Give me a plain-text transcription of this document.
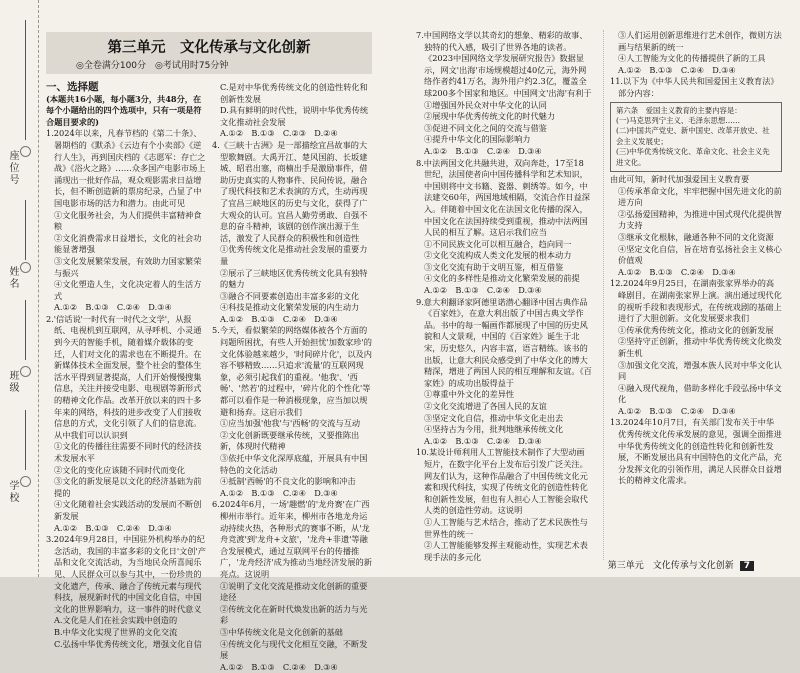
座位号
姓名
班级
学校
第三单元　文化传承与文化创新
◎全卷满分100分　◎考试用时75分钟

一、选择题

(本题共16小题，每小题3分，共48分，在每个小题给出的四个选项中，只有一项是符合题目要求的)

1.2024年以来，凡春节档的《第二十条》、暑期档的《默杀》《云边有个小卖部》《逆行人生》，再到国庆档的《志愿军：存亡之战》《浴火之路》……众多国产电影市场上涌现出一批好作品，观众观影需求日益增长，但不断创造新的票房纪录，凸显了中国电影市场的活力和潜力。由此可见

①文化服务社会，为人们提供丰富精神食粮

②文化消费需求日益增长，文化的社会功能显著增强

③文化发展繁荣发展，有效助力国家繁荣与振兴

④文化塑造人生，文化决定着人的生活方式

A.①②　B.①③　C.②④　D.③④

2.'信话说'一时代有一时代之文学'，从报纸、电视机到互联网，从寻呼机、小灵通到今天的智能手机，随着媒介载体的变迁，人们对文化的需求也在不断提升。在新媒体技术全面发展，整个社会的整体生活水平得到显著提高，人们开始慢慢搜集信息，关注并接受电影、电视剧等新形式的精神文化作品。改革开放以来的四十多年来的网络，科技的进步改变了人们接收信息的方式，文化引领了人们的信息流。从中我们可以认识到

①文化的传播往往需要不同时代的经济技术发展水平

②文化的变化应该随不同时代而变化

③文化的新发展是以文化的经济基础为前提的

④文化随着社会实践活动的发展而不断创新发展

A.①②　B.①③　C.②④　D.③④

3.2024年9月28日，中国驻外机构举办的纪念活动，我国的丰富多彩的文化日'文创'产品和文化交流活动，为当地民众所喜闻乐见、人民群众可以参与其中，一份珍贵的文化遗产，传承、融合了传统元素与现代科技，展现新时代的中国文化自信，中国文化的世界影响力，这一事件的时代意义

A.文化是人们在社会实践中创造的

B.中华文化实现了世界的文化交流

C.弘扬中华优秀传统文化，增强文化自信

C.是对中华优秀传统文化的创造性转化和创新性发展

D.具有鲜明的时代性，说明中华优秀传统文化推动社会发展

A.①②　B.①③　C.②③　D.②④

4.《三峡十古洲》是一部描绘宜昌故事的大型歌舞剧。大禹开江、楚风国韵、长坂建城、昭君出塞，商楠出手是激励事件，借助历史真实的人物事件、民间传说，融合了现代科技和艺术表演的方式，生动再现了宜昌三峡地区的历史与文化，获得了广大观众的认可。宜昌人勤劳勇敢、自强不息的奋斗精神，该剧的创作演出源于生活，激发了人民群众的积极性和创造性

①优秀传统文化是推动社会发展的重要力量

②展示了三峡地区优秀传统文化具有独特的魅力

③融合不同要素创造出丰富多彩的文化

④科技是推动文化繁荣发展的内生动力

A.①②　B.①③　C.②④　D.③④

5.今天，看似繁荣的网络媒体被各个方面的问题所困扰，有些人开始担忧'加数家珍'的文化体验越来越少，'时间碎片化'，以及内容不够精致……只追求'流量'的互联网现象，必须引起我们的重视。'他我'、'西畅'、'然若'的过程中，'碎片化的个性化'等都可以看作是一种消极现象，应当加以规避和扬弃。这启示我们

①应当加强'他我'与'西畅'的交流与互动

②文化创新既要继承传统，又要推陈出新，体现时代精神

③依托中华文化深厚底蕴，开展具有中国特色的文化活动

④抵制'西畅'的不良文化的影响和冲击

A.①②　B.①③　C.②④　D.③④

6.2024年6月，一场'趣燃'的'龙舟赛'在广西柳州市举行。近年来，柳州市各地龙舟运动持续火热，各种形式的赛事不断，从'龙舟竞渡'到'龙舟+文旅'，'龙舟+非遗'等融合发展模式，通过互联网平台的传播推广，'龙舟经济'成为推动当地经济发展的新亮点。这说明

①说明了文化交流是推动文化创新的重要途径

②传统文化在新时代焕发出新的活力与光彩

③中华传统文化是文化创新的基础

④传统文化与现代文化相互交融，不断发展

A.①②　B.①③　C.②④　D.③④

7.中国网络文学以其奇幻的想象、精彩的故事、独特的代入感，吸引了世界各地的读者。《2023中国网络文学发展研究报告》数据显示，网文'出海'市场规模超过40亿元，海外网络作者约41万名，海外用户约2.3亿，覆盖全球200多个国家和地区。中国网文'出海'有利于

①增强国外民众对中华文化的认同

②展现中华优秀传统文化的时代魅力

③促进不同文化之间的交流与借鉴

④提升中华文化的国际影响力

A.①②　B.①③　C.②④　D.③④

8.中法两国文化共融共进，双向奔赴，17至18世纪，法国使者向中国传播科学和艺术知识，中国则将中文书籍、瓷器、刺绣等。如今，中法建交60年，两国地域相隔，交流合作日益深入。伴随着中国文化在法国文化传播的深入，中国文化在法国持续受到重视，推动中法两国人民的相互了解。这启示我们应当

①不同民族文化可以相互融合，趋向同一

②文化交流构成人类文化发展的根本动力

③文化交流有助于文明互鉴，相互借鉴

④文化的多样性是推动文化繁荣发展的前提

A.①②　B.①③　C.②④　D.③④

9.意大利翻译家阿德里诺潜心翻译中国古典作品《百家姓》，在意大利出版了中国古典文学作品。书中的每一幅画作都展现了中国的历史风貌和人文景观，中国的《百家姓》诞生于北宋，历史悠久，内容丰富，语言精练。该书的出版，让意大利民众感受到了中华文化的博大精深，增进了两国人民的相互理解和友谊。《百家姓》的成功出版得益于

①尊重中外文化的差异性

②文化交流增进了各国人民的友谊

③坚定文化自信，推动中华文化走出去

④坚持古为今用，批判地继承传统文化

A.①②　B.①③　C.②④　D.③④

10.某设计师利用人工智能技术制作了大型动画短片，在数字化平台上发布后引发广泛关注。网友们认为，这种作品融合了中国传统文化元素和现代科技，实现了传统文化的创造性转化和创新性发展，但也有人担心人工智能会取代人类的创造性劳动。这说明

①人工智能与艺术结合，推动了艺术民族性与世界性的统一

②人工智能能够发挥主观能动性，实现艺术表现手法的多元化

③人们运用创新思维进行艺术创作，微则方法画与结果新的统一

④人工智能为文化的传播提供了新的工具

A.①②　B.①③　C.②④　D.③④

11.以下为《中华人民共和国爱国主义教育法》部分内容：

第六条　爱国主义教育的主要内容是：

(一)马克思列宁主义、毛泽东思想……

(二)中国共产党史、新中国史、改革开放史、社会主义发展史；

(三)中华优秀传统文化、革命文化、社会主义先进文化。

由此可知，新时代加强爱国主义教育要

①传承革命文化，牢牢把握中国先进文化的前进方向

②弘扬爱国精神，为推进中国式现代化提供智力支持

③继承文化根脉，融通各种不同的文化资源

④坚定文化自信，旨在培育弘扬社会主义核心价值观

A.①②　B.①③　C.②④　D.③④

12.2024年9月25日，在湖南张家界举办的高峰剧目，在湖南张家界上演。演出通过现代化的视听手段和表现形式，在传统戏剧的基础上进行了大胆创新。文化发展要求我们

①传承优秀传统文化，推动文化的创新发展

②坚持守正创新，推动中华优秀传统文化焕发新生机

③加强文化交流，增强本族人民对中华文化认同

④融入现代视角，借助多样化手段弘扬中华文化

A.①②　B.①③　C.②④　D.③④

13.2024年10月7日，有关部门发布关于中华优秀传统文化传承发展的意见，强调全面推进中华优秀传统文化的创造性转化和创新性发展，不断发展出具有中国特色的文化产品，充分发挥文化的引领作用，满足人民群众日益增长的精神文化需求。

第三单元　文化传承与文化创新 7
